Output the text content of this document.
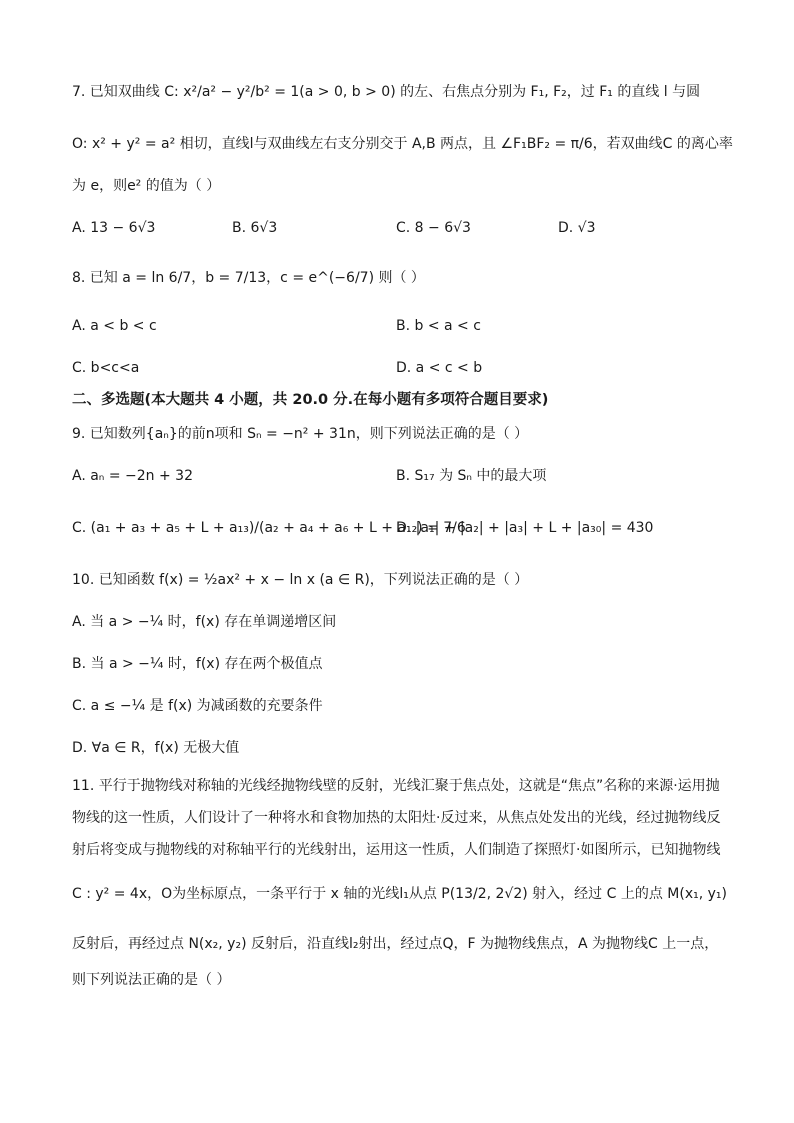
7. 已知双曲线 C: x²/a² − y²/b² = 1(a > 0, b > 0) 的左、右焦点分别为 F₁, F₂，过 F₁ 的直线 l 与圆
O: x² + y² = a² 相切，直线l与双曲线左右支分别交于 A,B 两点，且 ∠F₁BF₂ = π/6，若双曲线C 的离心率
为 e，则e² 的值为（ ）
A. 13 − 6√3	B. 6√3	C. 8 − 6√3	D. √3
8. 已知 a = ln 6/7，b = 7/13，c = e^(−6/7) 则（ ）
A. a < b < c	B. b < a < c
C. b<c<a	D. a < c < b
二、多选题(本大题共 4 小题，共 20.0 分.在每小题有多项符合题目要求)
9. 已知数列{aₙ}的前n项和 Sₙ = −n² + 31n，则下列说法正确的是（ ）
A. aₙ = −2n + 32	B. S₁₇ 为 Sₙ 中的最大项
C. (a₁ + a₃ + a₅ + L + a₁₃)/(a₂ + a₄ + a₆ + L + a₁₂) = 7/6
D. |a₁| + |a₂| + |a₃| + L + |a₃₀| = 430
10. 已知函数 f(x) = ½ax² + x − ln x (a ∈ R)，下列说法正确的是（ ）
A. 当 a > −¼ 时，f(x) 存在单调递增区间
B. 当 a > −¼ 时，f(x) 存在两个极值点
C. a ≤ −¼ 是 f(x) 为减函数的充要条件
D. ∀a ∈ R，f(x) 无极大值
11. 平行于抛物线对称轴的光线经抛物线壁的反射，光线汇聚于焦点处，这就是“焦点”名称的来源·运用抛
物线的这一性质，人们设计了一种将水和食物加热的太阳灶·反过来，从焦点处发出的光线，经过抛物线反
射后将变成与抛物线的对称轴平行的光线射出，运用这一性质，人们制造了探照灯·如图所示，已知抛物线
C : y² = 4x，O为坐标原点，一条平行于 x 轴的光线l₁从点 P(13/2, 2√2) 射入，经过 C 上的点 M(x₁, y₁)
反射后，再经过点 N(x₂, y₂) 反射后，沿直线l₂射出，经过点Q，F 为抛物线焦点，A 为抛物线C 上一点，
则下列说法正确的是（ ）
